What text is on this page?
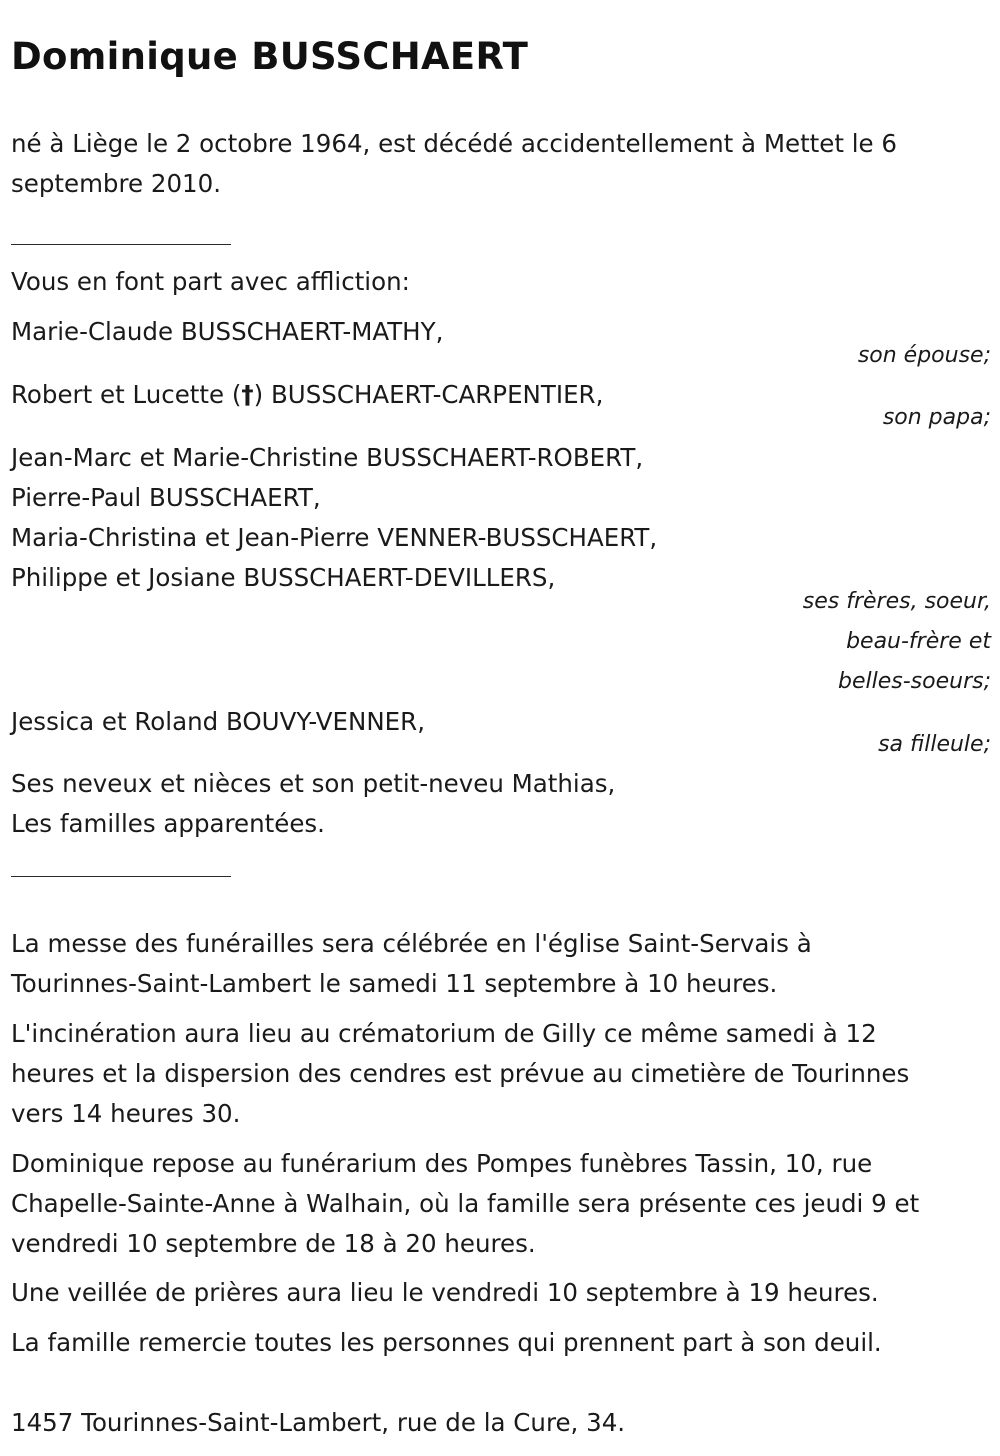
Dominique BUSSCHAERT

né à Liège le 2 octobre 1964, est décédé accidentellement à Mettet le 6

septembre 2010.

Vous en font part avec affliction:

Marie-Claude BUSSCHAERT-MATHY,

son épouse;

Robert et Lucette (†) BUSSCHAERT-CARPENTIER,

son papa;

Jean-Marc et Marie-Christine BUSSCHAERT-ROBERT,

Pierre-Paul BUSSCHAERT,

Maria-Christina et Jean-Pierre VENNER-BUSSCHAERT,

Philippe et Josiane BUSSCHAERT-DEVILLERS,

ses frères, soeur,

beau-frère et

belles-soeurs;

Jessica et Roland BOUVY-VENNER,

sa filleule;

Ses neveux et nièces et son petit-neveu Mathias,

Les familles apparentées.

La messe des funérailles sera célébrée en l'église Saint-Servais à

Tourinnes-Saint-Lambert le samedi 11 septembre à 10 heures.

L'incinération aura lieu au crématorium de Gilly ce même samedi à 12

heures et la dispersion des cendres est prévue au cimetière de Tourinnes

vers 14 heures 30.

Dominique repose au funérarium des Pompes funèbres Tassin, 10, rue

Chapelle-Sainte-Anne à Walhain, où la famille sera présente ces jeudi 9 et

vendredi 10 septembre de 18 à 20 heures.

Une veillée de prières aura lieu le vendredi 10 septembre à 19 heures.

La famille remercie toutes les personnes qui prennent part à son deuil.

1457 Tourinnes-Saint-Lambert, rue de la Cure, 34.
